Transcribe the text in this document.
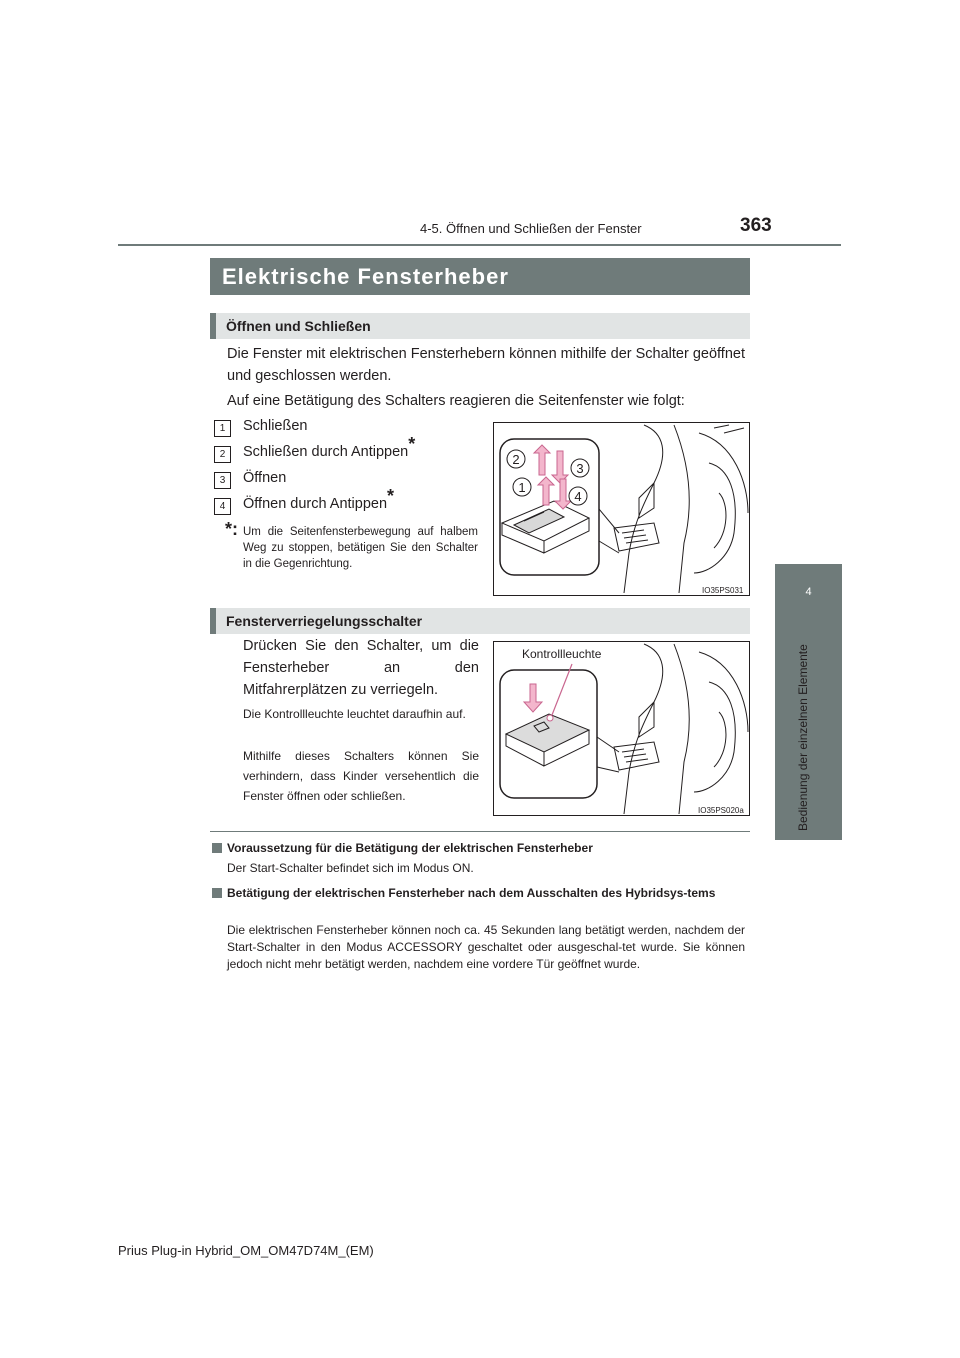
4-5. Öffnen und Schließen der Fenster	363
4
Bedienung der einzelnen Elemente
Elektrische Fensterheber
Öffnen und Schließen
Die Fenster mit elektrischen Fensterhebern können mithilfe der Schalter geöffnet und geschlossen werden.
Auf eine Betätigung des Schalters reagieren die Seitenfenster wie folgt:
1	Schließen
2	Schließen durch Antippen*
3	Öffnen
4	Öffnen durch Antippen*
*: Um die Seitenfensterbewegung auf halbem Weg zu stoppen, betätigen Sie den Schalter in die Gegenrichtung.
2
3
1
4
IO35PS031
Fensterverriegelungsschalter
Drücken Sie den Schalter, um die Fensterheber an den Mitfahrerplätzen zu verriegeln.
Die Kontrollleuchte leuchtet daraufhin auf.
Mithilfe dieses Schalters können Sie verhindern, dass Kinder versehentlich die Fenster öffnen oder schließen.
Kontrollleuchte
IO35PS020a
Voraussetzung für die Betätigung der elektrischen Fensterheber
Der Start-Schalter befindet sich im Modus ON.
Betätigung der elektrischen Fensterheber nach dem Ausschalten des Hybridsys-tems
Die elektrischen Fensterheber können noch ca. 45 Sekunden lang betätigt werden, nachdem der Start-Schalter in den Modus ACCESSORY geschaltet oder ausgeschal-tet wurde. Sie können jedoch nicht mehr betätigt werden, nachdem eine vordere Tür geöffnet wurde.
Prius Plug-in Hybrid_OM_OM47D74M_(EM)
